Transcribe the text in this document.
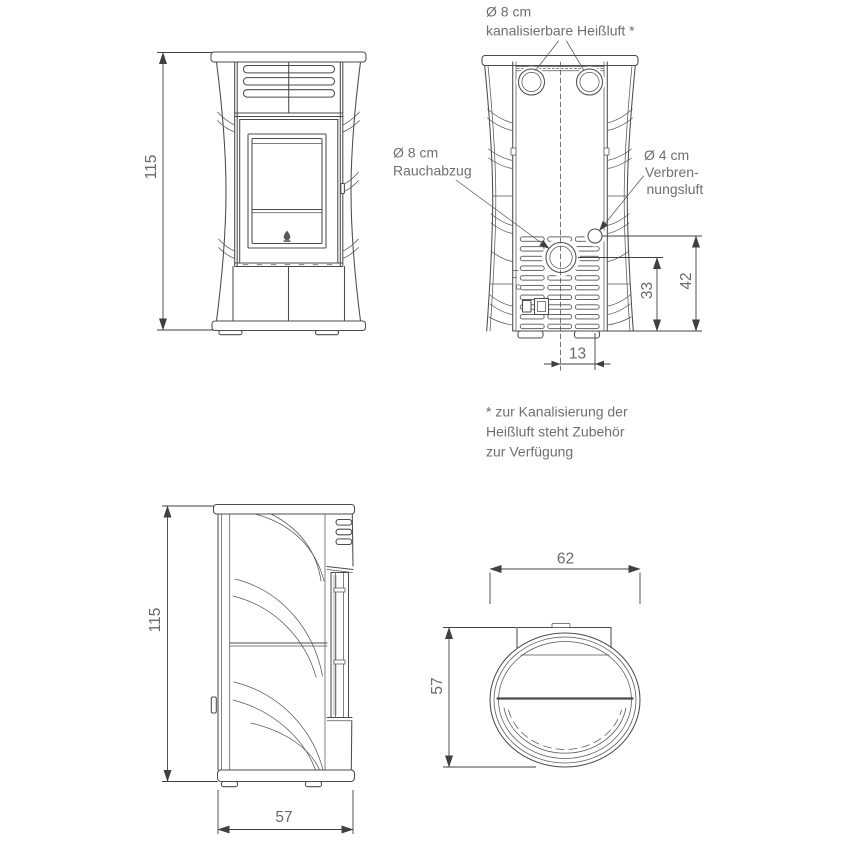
115
Ø 8 cm
kanalisierbare Heißluft *
Ø 8 cm
Rauchabzug
Ø 4 cm
Verbren-
nungsluft
33
42
13
* zur Kanalisierung der
Heißluft steht Zubehör
zur Verfügung
115
57
62
57
